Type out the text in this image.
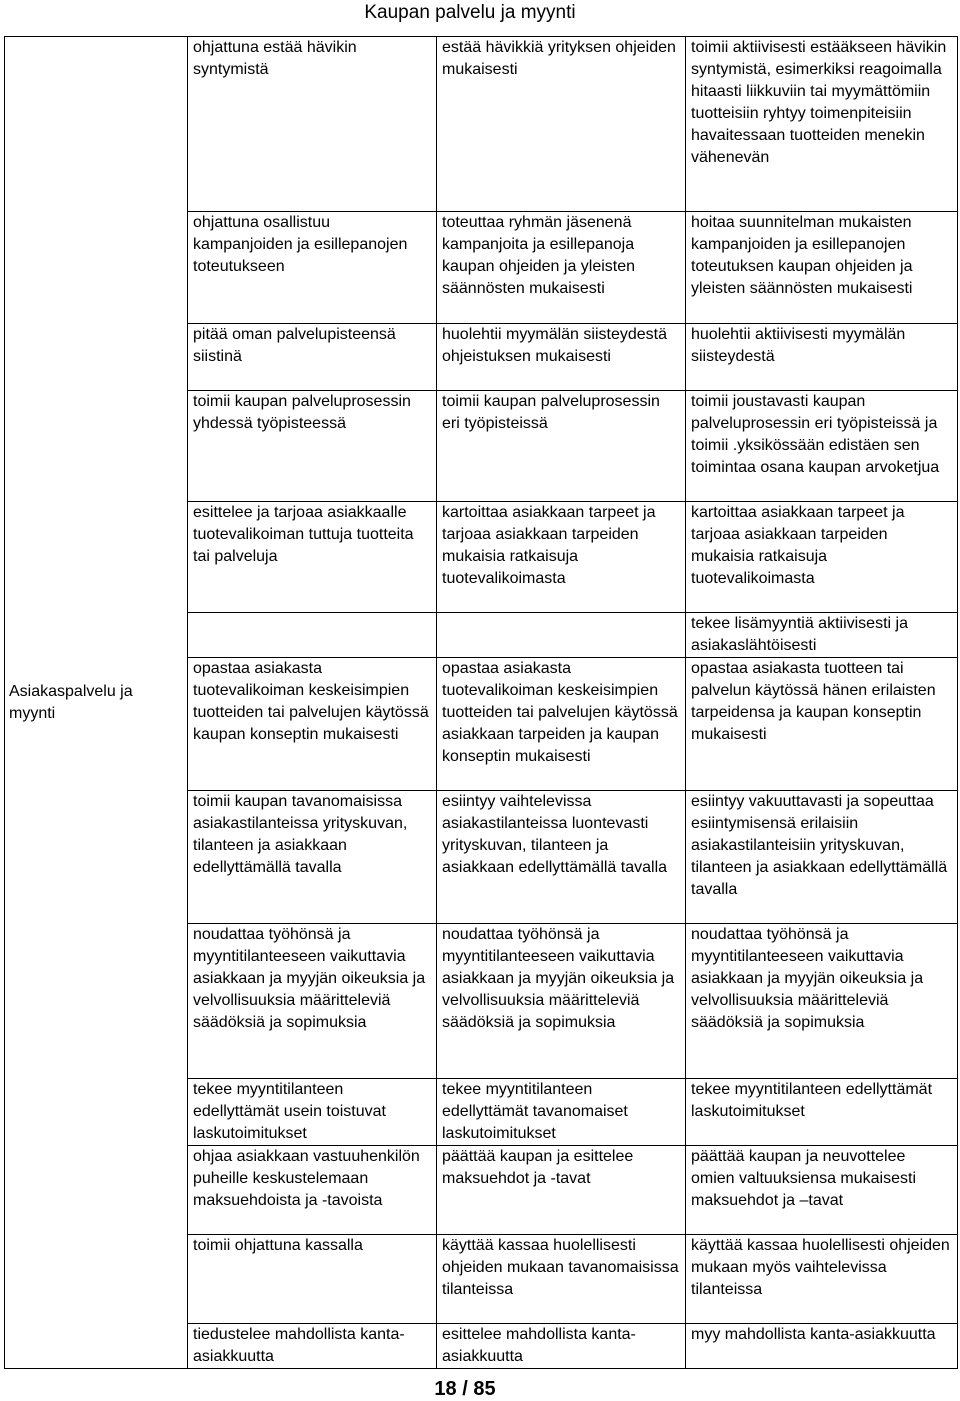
Kaupan palvelu ja myynti
Asiakaspalvelu ja myynti	ohjattuna estää hävikin syntymistä	estää hävikkiä yrityksen ohjeiden mukaisesti	toimii aktiivisesti estääkseen hävikin syntymistä, esimerkiksi reagoimalla hitaasti liikkuviin tai myymättömiin tuotteisiin ryhtyy toimenpiteisiin havaitessaan tuotteiden menekin vähenevän
	ohjattuna osallistuu kampanjoiden ja esillepanojen toteutukseen	toteuttaa ryhmän jäsenenä kampanjoita ja esillepanoja kaupan ohjeiden ja yleisten säännösten mukaisesti	hoitaa suunnitelman mukaisten kampanjoiden ja esillepanojen toteutuksen kaupan ohjeiden ja yleisten säännösten mukaisesti
	pitää oman palvelupisteensä siistinä	huolehtii myymälän siisteydestä ohjeistuksen mukaisesti	huolehtii aktiivisesti myymälän siisteydestä
	toimii kaupan palveluprosessin yhdessä työpisteessä	toimii kaupan palveluprosessin eri työpisteissä	toimii joustavasti kaupan palveluprosessin eri työpisteissä ja toimii .yksikössään edistäen sen toimintaa osana kaupan arvoketjua
	esittelee ja tarjoaa asiakkaalle tuotevalikoiman tuttuja tuotteita tai palveluja	kartoittaa asiakkaan tarpeet ja tarjoaa asiakkaan tarpeiden mukaisia ratkaisuja tuotevalikoimasta	kartoittaa asiakkaan tarpeet ja tarjoaa asiakkaan tarpeiden mukaisia ratkaisuja tuotevalikoimasta
			tekee lisämyyntiä aktiivisesti ja asiakaslähtöisesti
	opastaa asiakasta tuotevalikoiman keskeisimpien tuotteiden tai palvelujen käytössä kaupan konseptin mukaisesti	opastaa asiakasta tuotevalikoiman keskeisimpien tuotteiden tai palvelujen käytössä asiakkaan tarpeiden ja kaupan konseptin mukaisesti	opastaa asiakasta tuotteen tai palvelun käytössä hänen erilaisten tarpeidensa ja kaupan konseptin mukaisesti
	toimii kaupan tavanomaisissa asiakastilanteissa yrityskuvan, tilanteen ja asiakkaan edellyttämällä tavalla	esiintyy vaihtelevissa asiakastilanteissa luontevasti yrityskuvan, tilanteen ja asiakkaan edellyttämällä tavalla	esiintyy vakuuttavasti ja sopeuttaa esiintymisensä erilaisiin asiakastilanteisiin yrityskuvan, tilanteen ja asiakkaan edellyttämällä tavalla
	noudattaa työhönsä ja myyntitilanteeseen vaikuttavia asiakkaan ja myyjän oikeuksia ja velvollisuuksia määritteleviä säädöksiä ja sopimuksia	noudattaa työhönsä ja myyntitilanteeseen vaikuttavia asiakkaan ja myyjän oikeuksia ja velvollisuuksia määritteleviä säädöksiä ja sopimuksia	noudattaa työhönsä ja myyntitilanteeseen vaikuttavia asiakkaan ja myyjän oikeuksia ja velvollisuuksia määritteleviä säädöksiä ja sopimuksia
	tekee myyntitilanteen edellyttämät usein toistuvat laskutoimitukset	tekee myyntitilanteen edellyttämät tavanomaiset laskutoimitukset	tekee myyntitilanteen edellyttämät laskutoimitukset
	ohjaa asiakkaan vastuuhenkilön puheille keskustelemaan maksuehdoista ja -tavoista	päättää kaupan ja esittelee maksuehdot ja -tavat	päättää kaupan ja neuvottelee omien valtuuksiensa mukaisesti maksuehdot ja –tavat
	toimii ohjattuna kassalla	käyttää kassaa huolellisesti ohjeiden mukaan tavanomaisissa tilanteissa	käyttää kassaa huolellisesti ohjeiden mukaan myös vaihtelevissa tilanteissa
	tiedustelee mahdollista kanta-asiakkuutta	esittelee mahdollista kanta-asiakkuutta	myy mahdollista kanta-asiakkuutta
18 / 85
